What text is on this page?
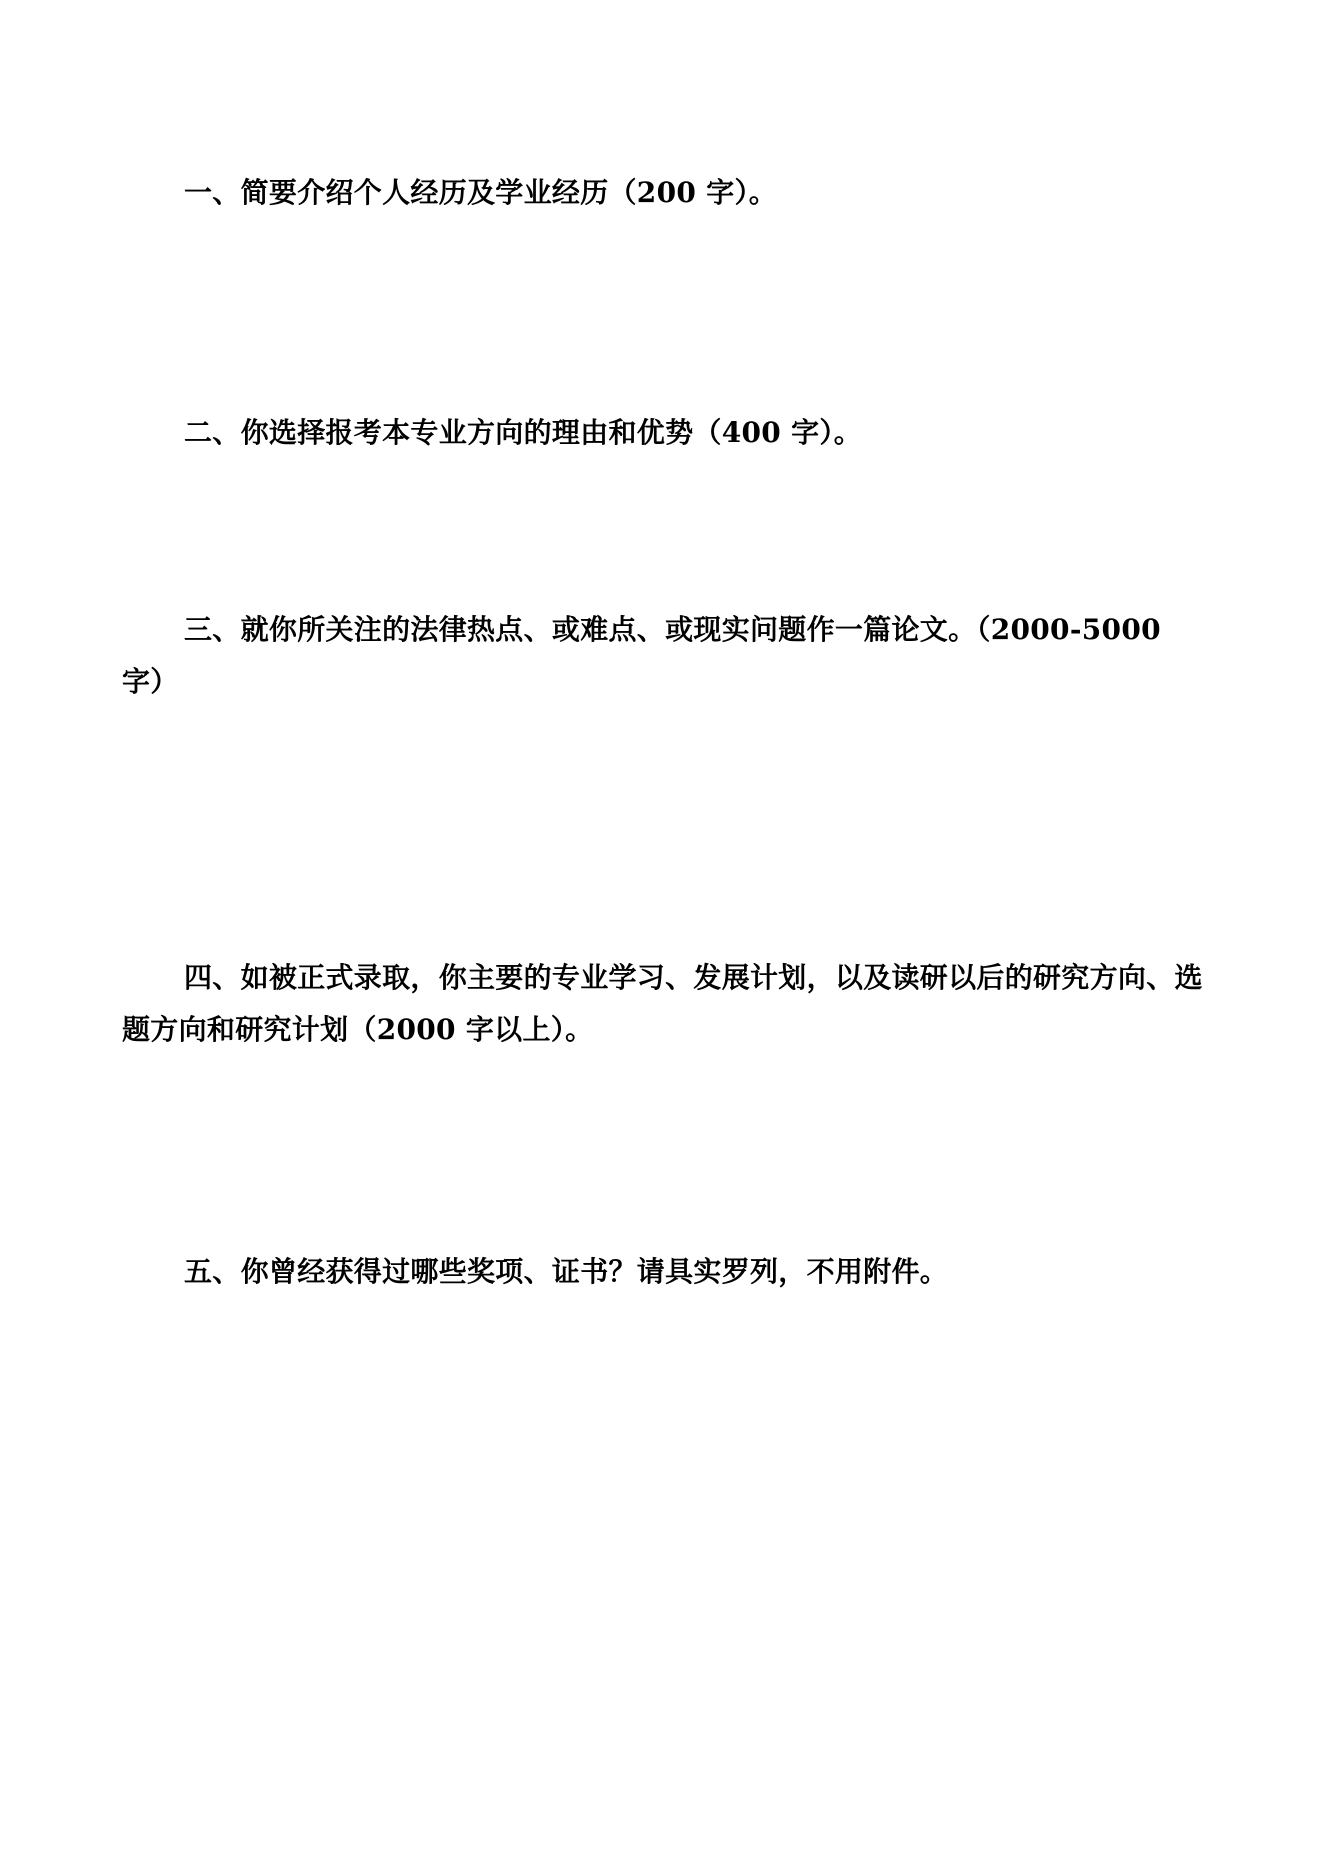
一、简要介绍个人经历及学业经历（200 字）。

二、你选择报考本专业方向的理由和优势（400 字）。

三、就你所关注的法律热点、或难点、或现实问题作一篇论文。（2000-5000 字）

四、如被正式录取，你主要的专业学习、发展计划，以及读研以后的研究方向、选题方向和研究计划（2000 字以上）。

五、你曾经获得过哪些奖项、证书？请具实罗列，不用附件。
